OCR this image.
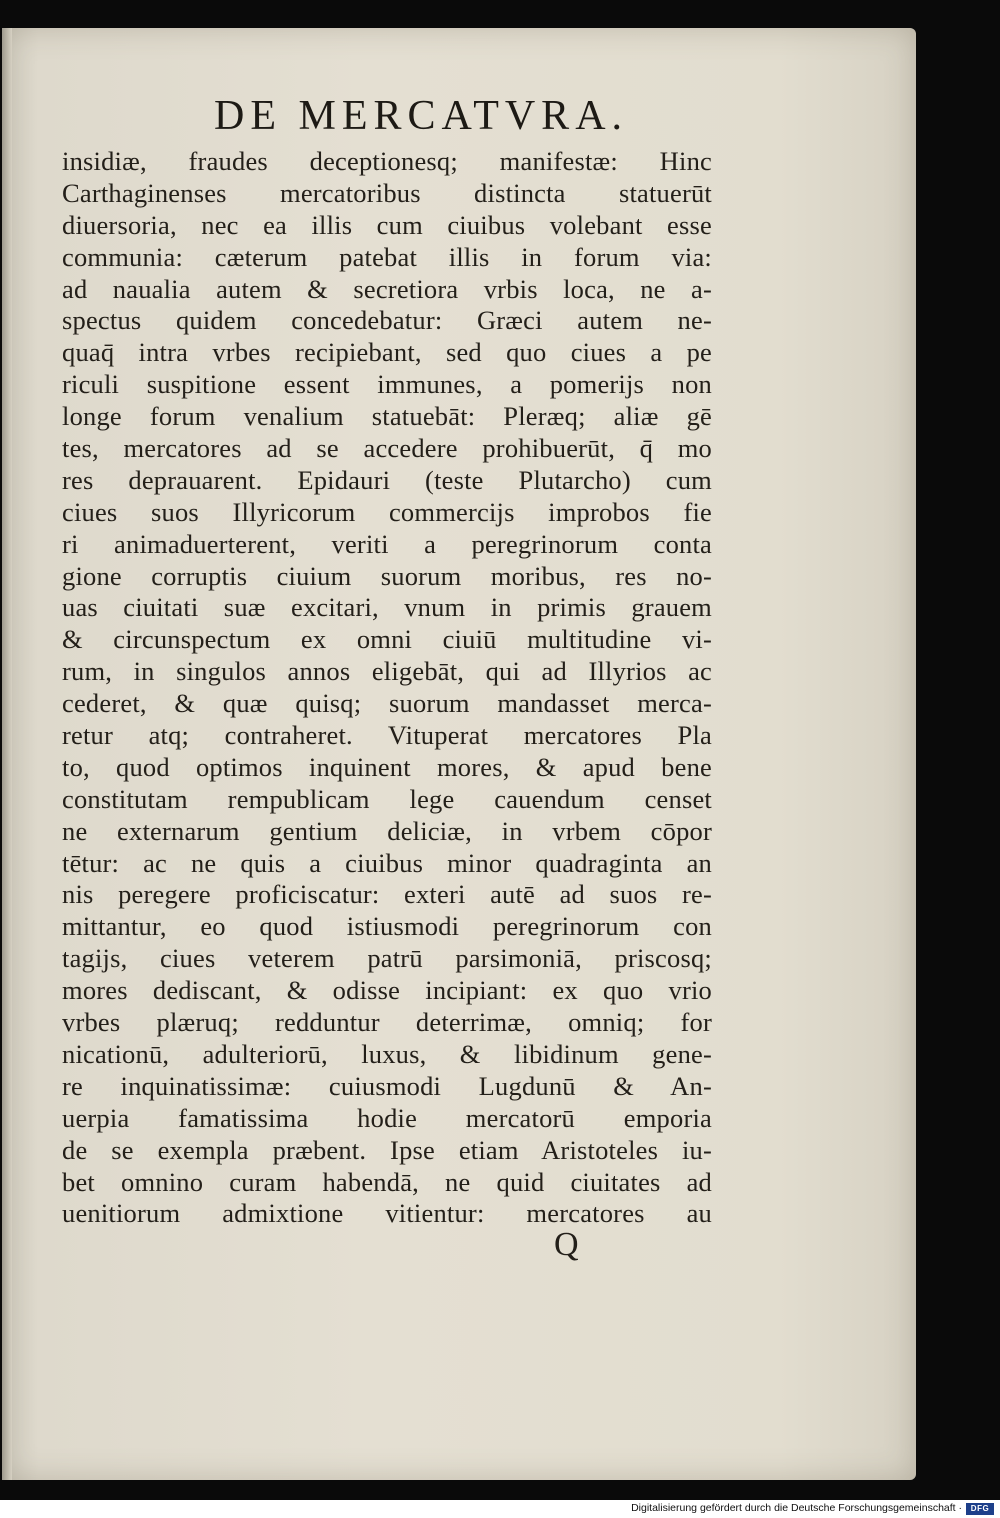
DE MERCATVRA.
insidiæ, fraudes deceptionesq; manifestæ: Hinc
Carthaginenses mercatoribus distincta statuerūt
diuersoria, nec ea illis cum ciuibus volebant esse
communia: cæterum patebat illis in forum via:
ad naualia autem & secretiora vrbis loca, ne a-
spectus quidem concedebatur: Græci autem ne-
quaq̄ intra vrbes recipiebant, sed quo ciues a pe
riculi suspitione essent immunes, a pomerijs non
longe forum venalium statuebāt: Pleræq; aliæ gē
tes, mercatores ad se accedere prohibuerūt, q̄ mo
res deprauarent. Epidauri (teste Plutarcho) cum
ciues suos Illyricorum commercijs improbos fie
ri animaduerterent, veriti a peregrinorum conta
gione corruptis ciuium suorum moribus, res no-
uas ciuitati suæ excitari, vnum in primis grauem
& circunspectum ex omni ciuiū multitudine vi-
rum, in singulos annos eligebāt, qui ad Illyrios ac
cederet, & quæ quisq; suorum mandasset merca-
retur atq; contraheret. Vituperat mercatores Pla
to, quod optimos inquinent mores, & apud bene
constitutam rempublicam lege cauendum censet
ne externarum gentium deliciæ, in vrbem cōpor
tētur: ac ne quis a ciuibus minor quadraginta an
nis peregere proficiscatur: exteri autē ad suos re-
mittantur, eo quod istiusmodi peregrinorum con
tagijs, ciues veterem patrū parsimoniā, priscosq;
mores dediscant, & odisse incipiant: ex quo vrio
vrbes plæruq; redduntur deterrimæ, omniq; for
nicationū, adulteriorū, luxus, & libidinum gene-
re inquinatissimæ: cuiusmodi Lugdunū & An-
uerpia famatissima hodie mercatorū emporia
de se exempla præbent. Ipse etiam Aristoteles iu-
bet omnino curam habendā, ne quid ciuitates ad
uenitiorum admixtione vitientur: mercatores au
Q
Digitalisierung gefördert durch die Deutsche Forschungsgemeinschaft ·	DFG
